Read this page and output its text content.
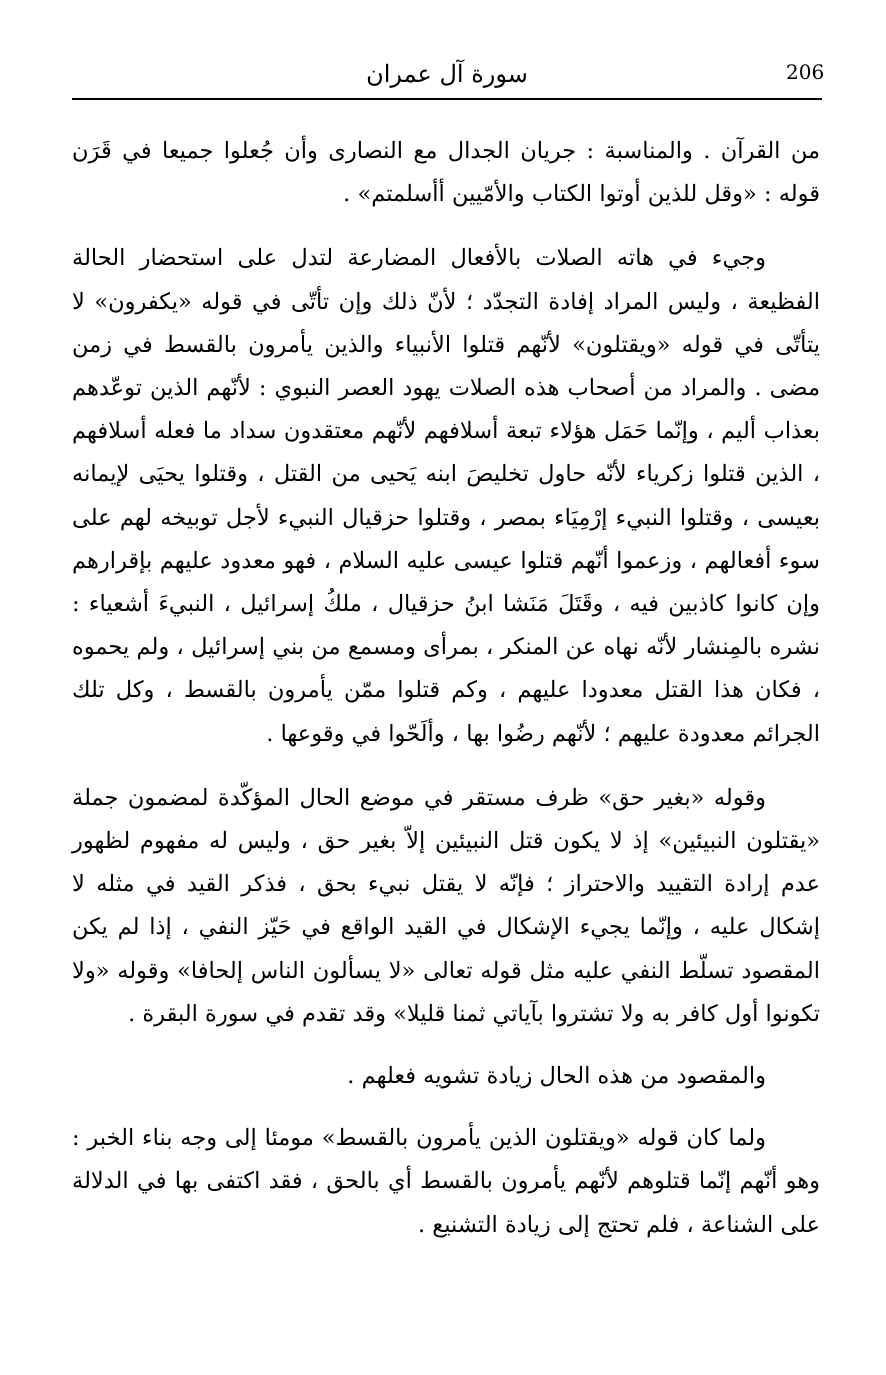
206
سورة آل عمران

من القرآن . والمناسبة : جريان الجدال مع النصارى وأن جُعلوا جميعا في قَرَن قوله : «وقل للذين أوتوا الكتاب والأمّيين أأسلمتم» .

وجيء في هاته الصلات بالأفعال المضارعة لتدل على استحضار الحالة الفظيعة ، وليس المراد إفادة التجدّد ؛ لأنّ ذلك وإن تأتّى في قوله «يكفرون» لا يتأتّى في قوله «ويقتلون» لأنّهم قتلوا الأنبياء والذين يأمرون بالقسط في زمن مضى . والمراد من أصحاب هذه الصلات يهود العصر النبوي : لأنّهم الذين توعّدهم بعذاب أليم ، وإنّما حَمَل هؤلاء تبعة أسلافهم لأنّهم معتقدون سداد ما فعله أسلافهم ، الذين قتلوا زكرياء لأنّه حاول تخليصَ ابنه يَحيى من القتل ، وقتلوا يحيَى لإيمانه بعيسى ، وقتلوا النبيء إرْمِيَاء بمصر ، وقتلوا حزقيال النبيء لأجل توبيخه لهم على سوء أفعالهم ، وزعموا أنّهم قتلوا عيسى عليه السلام ، فهو معدود عليهم بإقرارهم وإن كانوا كاذبين فيه ، وقَتَلَ مَنَشا ابنُ حزقيال ، ملكُ إسرائيل ، النبيءَ أشعياء : نشره بالمِنشار لأنّه نهاه عن المنكر ، بمرأى ومسمع من بني إسرائيل ، ولم يحموه ، فكان هذا القتل معدودا عليهم ، وكم قتلوا ممّن يأمرون بالقسط ، وكل تلك الجرائم معدودة عليهم ؛ لأنّهم رضُوا بها ، وألَحّوا في وقوعها .

وقوله «بغير حق» ظرف مستقر في موضع الحال المؤكّدة لمضمون جملة «يقتلون النبيئين» إذ لا يكون قتل النبيئين إلاّ بغير حق ، وليس له مفهوم لظهور عدم إرادة التقييد والاحتراز ؛ فإنّه لا يقتل نبيء بحق ، فذكر القيد في مثله لا إشكال عليه ، وإنّما يجيء الإشكال في القيد الواقع في حَيّز النفي ، إذا لم يكن المقصود تسلّط النفي عليه مثل قوله تعالى «لا يسألون الناس إلحافا» وقوله «ولا تكونوا أول كافر به ولا تشتروا بآياتي ثمنا قليلا» وقد تقدم في سورة البقرة .

والمقصود من هذه الحال زيادة تشويه فعلهم .

ولما كان قوله «ويقتلون الذين يأمرون بالقسط» مومئا إلى وجه بناء الخبر : وهو أنّهم إنّما قتلوهم لأنّهم يأمرون بالقسط أي بالحق ، فقد اكتفى بها في الدلالة على الشناعة ، فلم تحتج إلى زيادة التشنيع .
